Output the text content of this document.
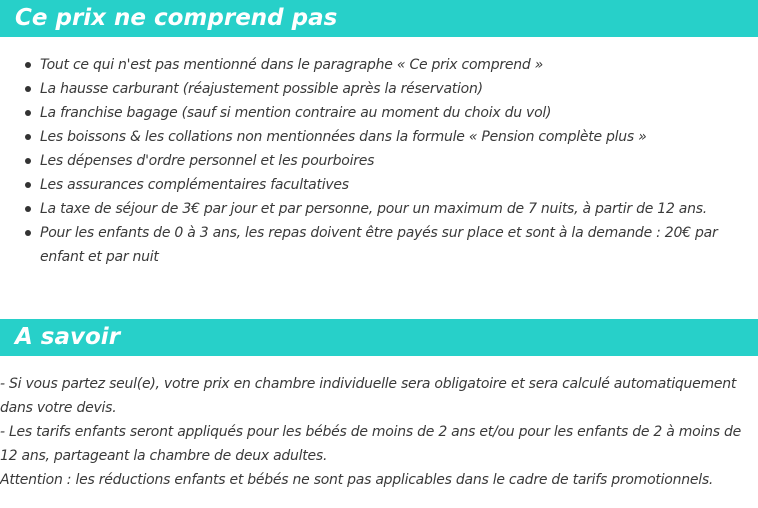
Ce prix ne comprend pas
Tout ce qui n'est pas mentionné dans le paragraphe « Ce prix comprend »
La hausse carburant (réajustement possible après la réservation)
La franchise bagage (sauf si mention contraire au moment du choix du vol)
Les boissons & les collations non mentionnées dans la formule « Pension complète plus »
Les dépenses d'ordre personnel et les pourboires
Les assurances complémentaires facultatives
La taxe de séjour de 3€ par jour et par personne, pour un maximum de 7 nuits, à partir de 12 ans.
Pour les enfants de 0 à 3 ans, les repas doivent être payés sur place et sont à la demande : 20€ par enfant et par nuit
A savoir

- Si vous partez seul(e), votre prix en chambre individuelle sera obligatoire et sera calculé automatiquement dans votre devis.

- Les tarifs enfants seront appliqués pour les bébés de moins de 2 ans et/ou pour les enfants de 2 à moins de 12 ans, partageant la chambre de deux adultes.

Attention : les réductions enfants et bébés ne sont pas applicables dans le cadre de tarifs promotionnels.
